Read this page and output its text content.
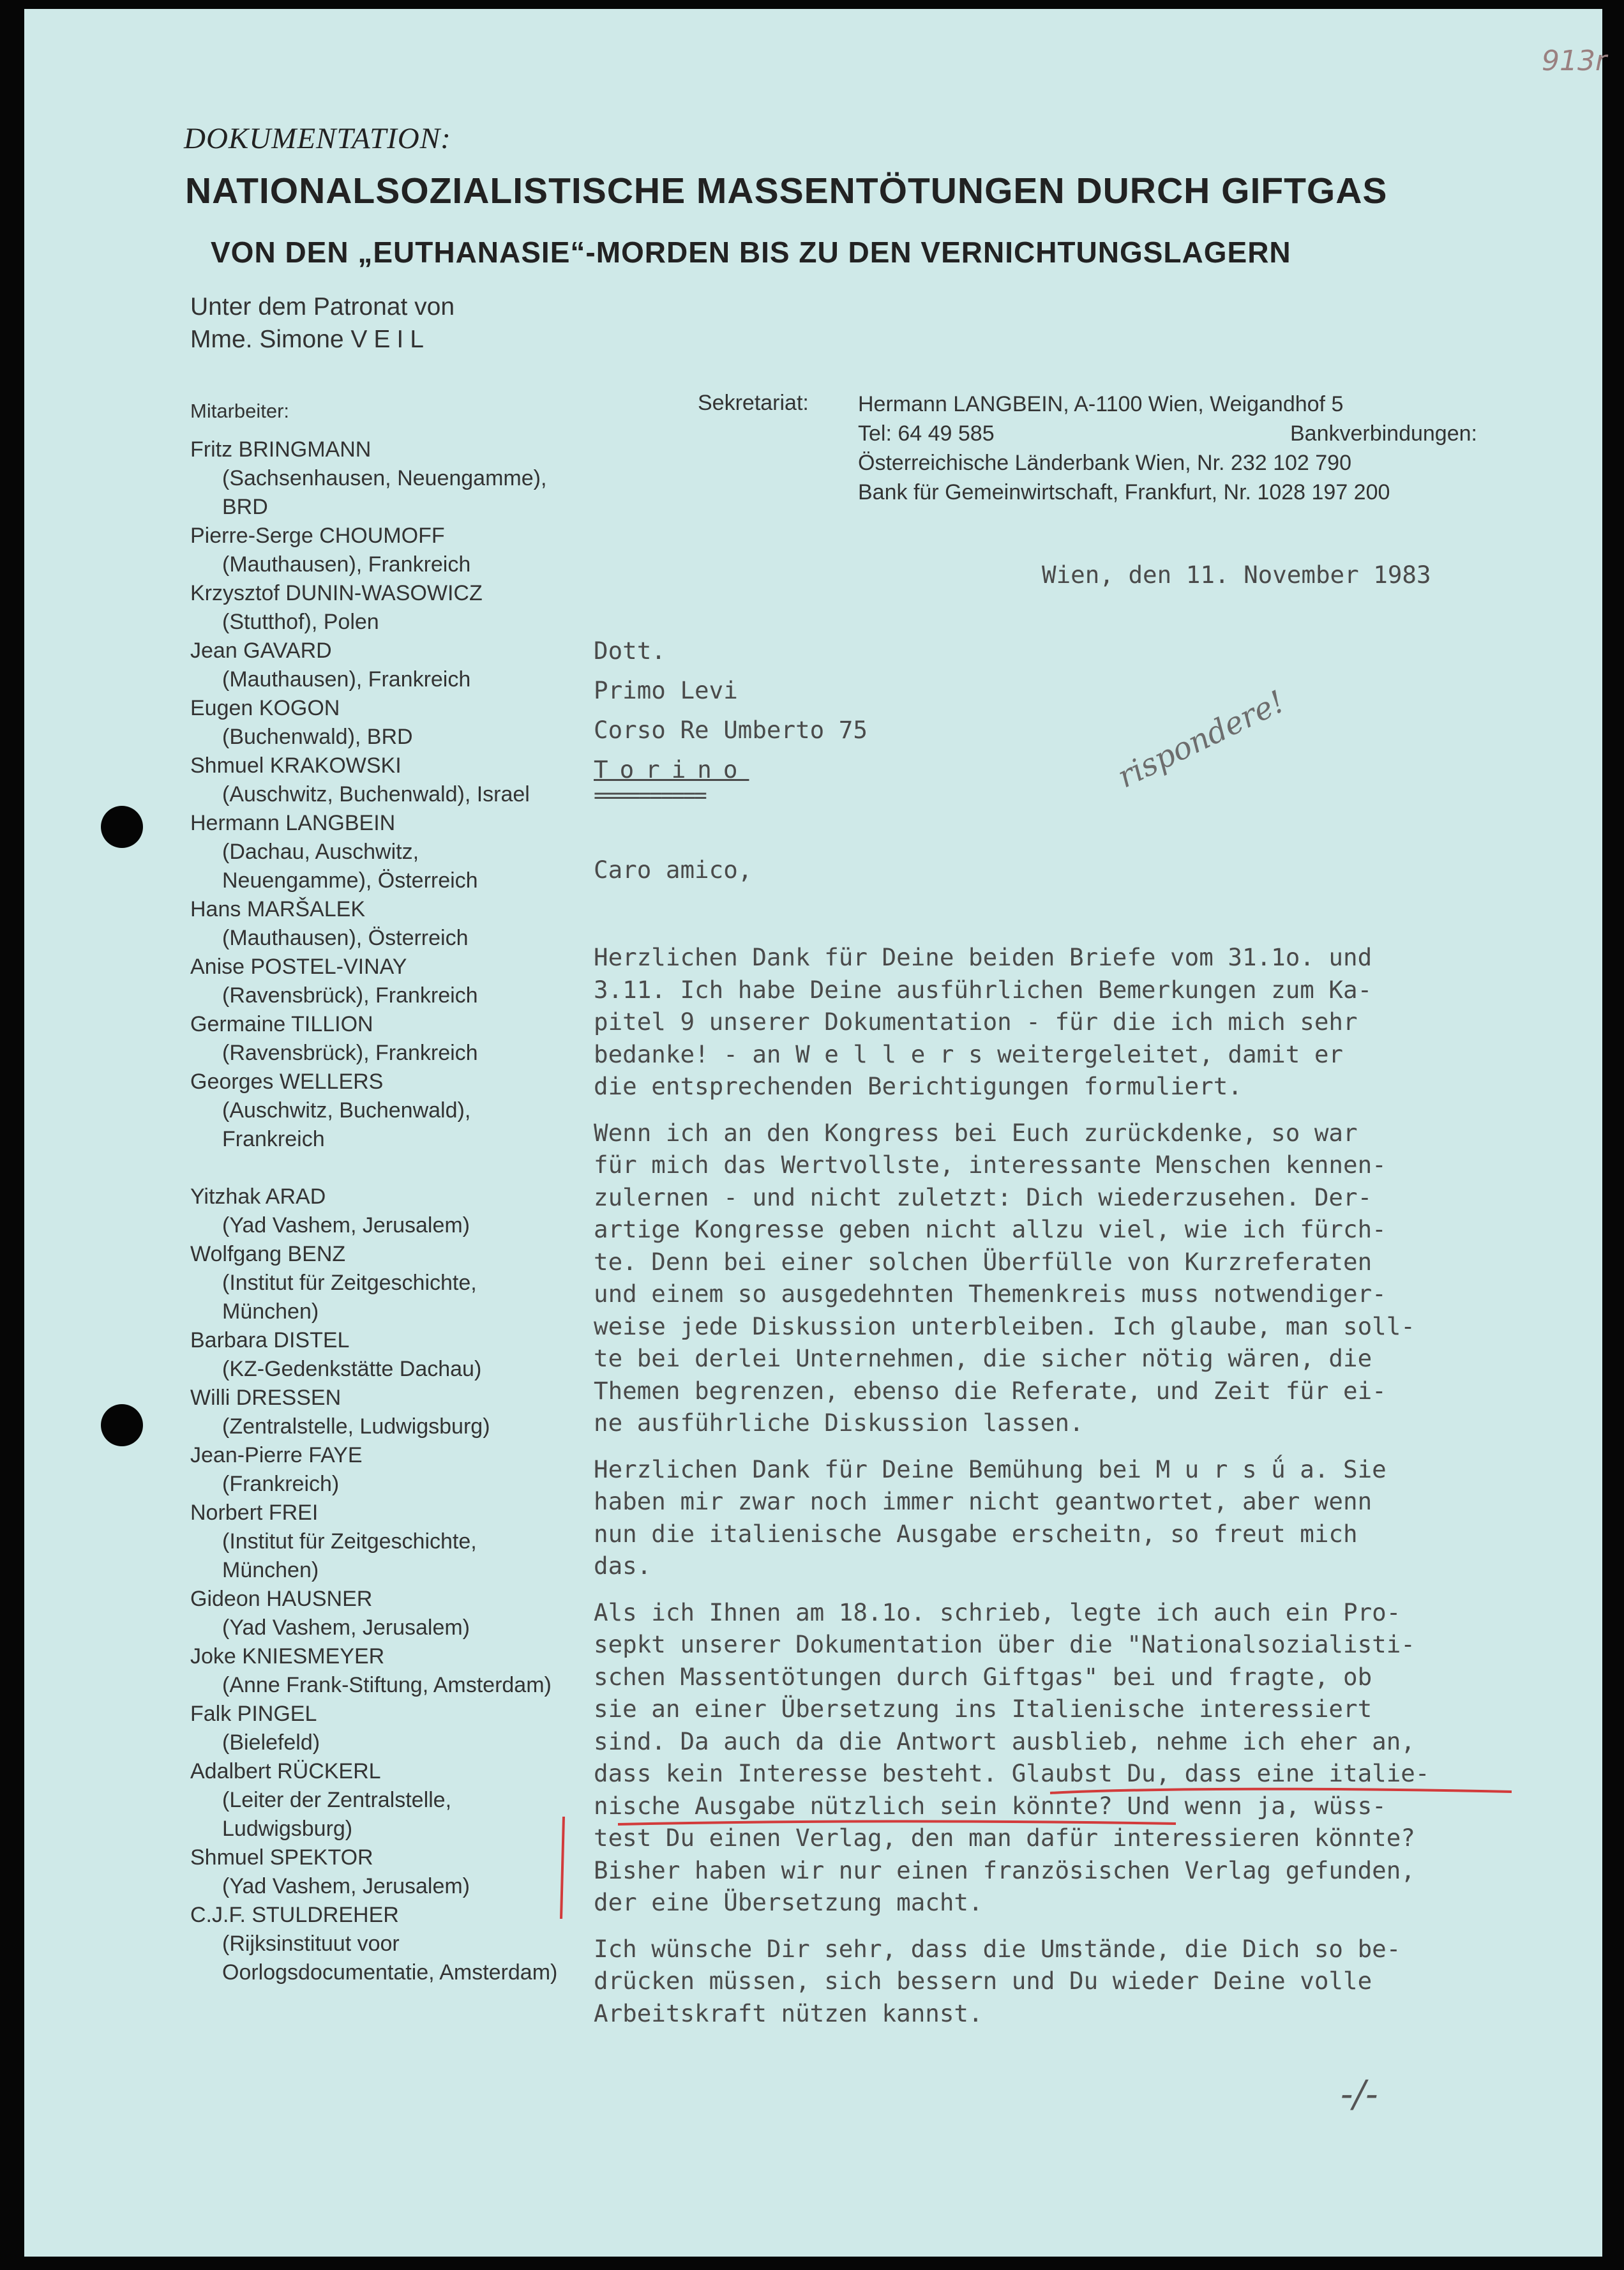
913r
DOKUMENTATION:
NATIONALSOZIALISTISCHE MASSENTÖTUNGEN DURCH GIFTGAS
VON DEN „EUTHANASIE“-MORDEN BIS ZU DEN VERNICHTUNGSLAGERN
Unter dem Patronat von
Mme. Simone VEIL
Sekretariat: Hermann LANGBEIN, A-1100 Wien, Weigandhof 5
Tel: 64 49 585	Bankverbindungen:
Österreichische Länderbank Wien, Nr. 232 102 790
Bank für Gemeinwirtschaft, Frankfurt, Nr. 1028 197 200
Mitarbeiter:
Fritz BRINGMANN
(Sachsenhausen, Neuengamme), BRD
Pierre-Serge CHOUMOFF
(Mauthausen), Frankreich
Krzysztof DUNIN-WASOWICZ
(Stutthof), Polen
Jean GAVARD
(Mauthausen), Frankreich
Eugen KOGON
(Buchenwald), BRD
Shmuel KRAKOWSKI
(Auschwitz, Buchenwald), Israel
Hermann LANGBEIN
(Dachau, Auschwitz, Neuengamme), Österreich
Hans MARŠALEK
(Mauthausen), Österreich
Anise POSTEL-VINAY
(Ravensbrück), Frankreich
Germaine TILLION
(Ravensbrück), Frankreich
Georges WELLERS
(Auschwitz, Buchenwald), Frankreich
Yitzhak ARAD
(Yad Vashem, Jerusalem)
Wolfgang BENZ
(Institut für Zeitgeschichte, München)
Barbara DISTEL
(KZ-Gedenkstätte Dachau)
Willi DRESSEN
(Zentralstelle, Ludwigsburg)
Jean-Pierre FAYE
(Frankreich)
Norbert FREI
(Institut für Zeitgeschichte, München)
Gideon HAUSNER
(Yad Vashem, Jerusalem)
Joke KNIESMEYER
(Anne Frank-Stiftung, Amsterdam)
Falk PINGEL
(Bielefeld)
Adalbert RÜCKERL
(Leiter der Zentralstelle, Ludwigsburg)
Shmuel SPEKTOR
(Yad Vashem, Jerusalem)
C.J.F. STULDREHER
(Rijksinstituut voor Oorlogsdocumentatie, Amsterdam)
Wien, den 11. November 1983
Dott.
Primo Levi
Corso Re Umberto 75
Torino
==========
Caro amico,
Herzlichen Dank für Deine beiden Briefe vom 31.1o. und
3.11. Ich habe Deine ausführlichen Bemerkungen zum Ka-
pitel 9 unserer Dokumentation - für die ich mich sehr
bedanke! - an W e l l e r s weitergeleitet, damit er
die entsprechenden Berichtigungen formuliert.
Wenn ich an den Kongress bei Euch zurückdenke, so war
für mich das Wertvollste, interessante Menschen kennen-
zulernen - und nicht zuletzt: Dich wiederzusehen. Der-
artige Kongresse geben nicht allzu viel, wie ich fürch-
te. Denn bei einer solchen Überfülle von Kurzreferaten
und einem so ausgedehnten Themenkreis muss notwendiger-
weise jede Diskussion unterbleiben. Ich glaube, man soll-
te bei derlei Unternehmen, die sicher nötig wären, die
Themen begrenzen, ebenso die Referate, und Zeit für ei-
ne ausführliche Diskussion lassen.
Herzlichen Dank für Deine Bemühung bei M u r s ǘ a. Sie
haben mir zwar noch immer nicht geantwortet, aber wenn
nun die italienische Ausgabe erscheitn, so freut mich
das.
Als ich Ihnen am 18.1o. schrieb, legte ich auch ein Pro-
sepkt unserer Dokumentation über die "Nationalsozialisti-
schen Massentötungen durch Giftgas" bei und fragte, ob
sie an einer Übersetzung ins Italienische interessiert
sind. Da auch da die Antwort ausblieb, nehme ich eher an,
dass kein Interesse besteht. Glaubst Du, dass eine italie-
nische Ausgabe nützlich sein könnte? Und wenn ja, wüss-
test Du einen Verlag, den man dafür interessieren könnte?
Bisher haben wir nur einen französischen Verlag gefunden,
der eine Übersetzung macht.
Ich wünsche Dir sehr, dass die Umstände, die Dich so be-
drücken müssen, sich bessern und Du wieder Deine volle
Arbeitskraft nützen kannst.
rispondere!
-/-
